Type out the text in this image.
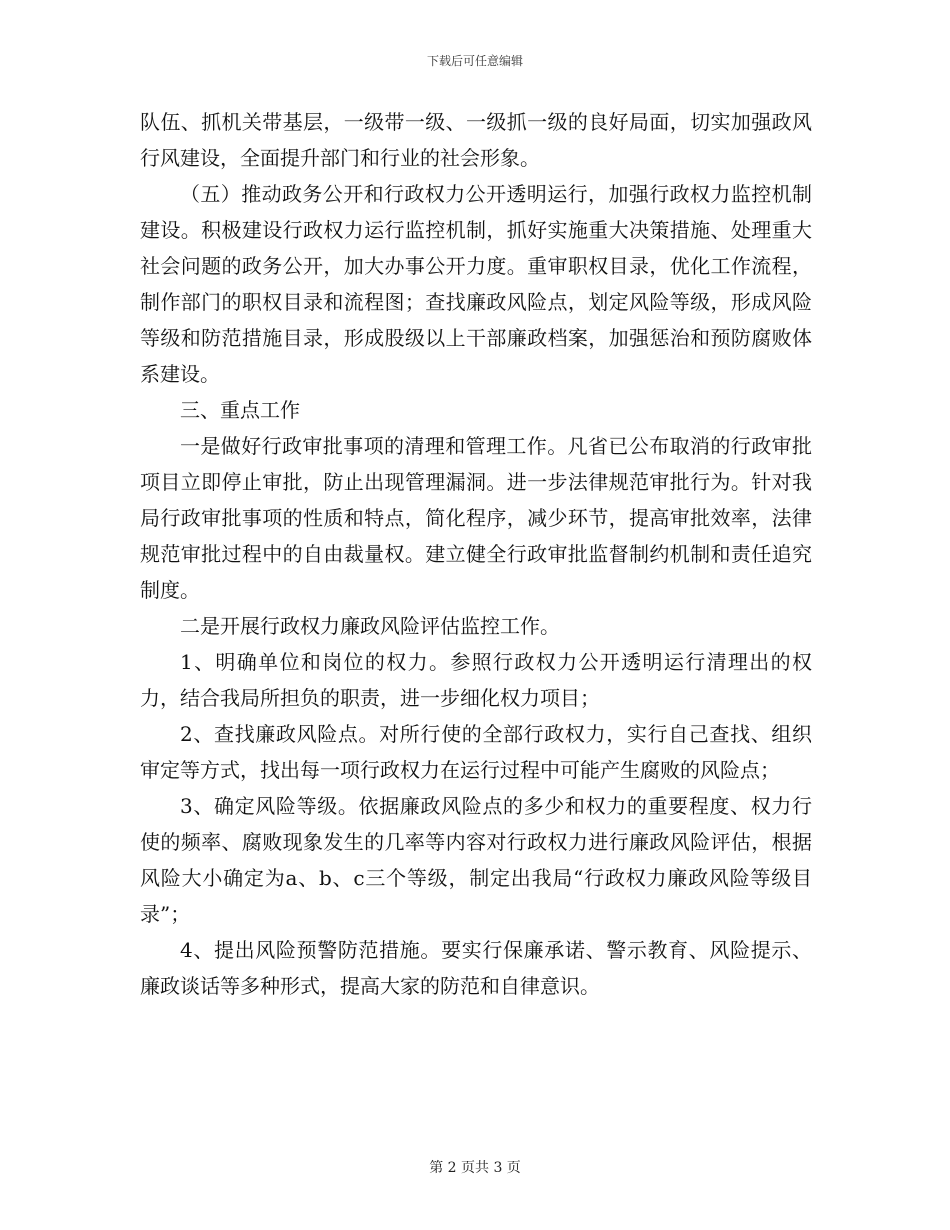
下载后可任意编辑

队伍、抓机关带基层，一级带一级、一级抓一级的良好局面，切实加强政风行风建设，全面提升部门和行业的社会形象。

（五）推动政务公开和行政权力公开透明运行，加强行政权力监控机制建设。积极建设行政权力运行监控机制，抓好实施重大决策措施、处理重大社会问题的政务公开，加大办事公开力度。重审职权目录，优化工作流程，制作部门的职权目录和流程图；查找廉政风险点，划定风险等级，形成风险等级和防范措施目录，形成股级以上干部廉政档案，加强惩治和预防腐败体系建设。

三、重点工作

一是做好行政审批事项的清理和管理工作。凡省已公布取消的行政审批项目立即停止审批，防止出现管理漏洞。进一步法律规范审批行为。针对我局行政审批事项的性质和特点，简化程序，减少环节，提高审批效率，法律规范审批过程中的自由裁量权。建立健全行政审批监督制约机制和责任追究制度。

二是开展行政权力廉政风险评估监控工作。

1、明确单位和岗位的权力。参照行政权力公开透明运行清理出的权力，结合我局所担负的职责，进一步细化权力项目；

2、查找廉政风险点。对所行使的全部行政权力，实行自己查找、组织审定等方式，找出每一项行政权力在运行过程中可能产生腐败的风险点；

3、确定风险等级。依据廉政风险点的多少和权力的重要程度、权力行使的频率、腐败现象发生的几率等内容对行政权力进行廉政风险评估，根据风险大小确定为a、b、c三个等级，制定出我局“行政权力廉政风险等级目录”；

4、提出风险预警防范措施。要实行保廉承诺、警示教育、风险提示、廉政谈话等多种形式，提高大家的防范和自律意识。

第 2 页共 3 页
